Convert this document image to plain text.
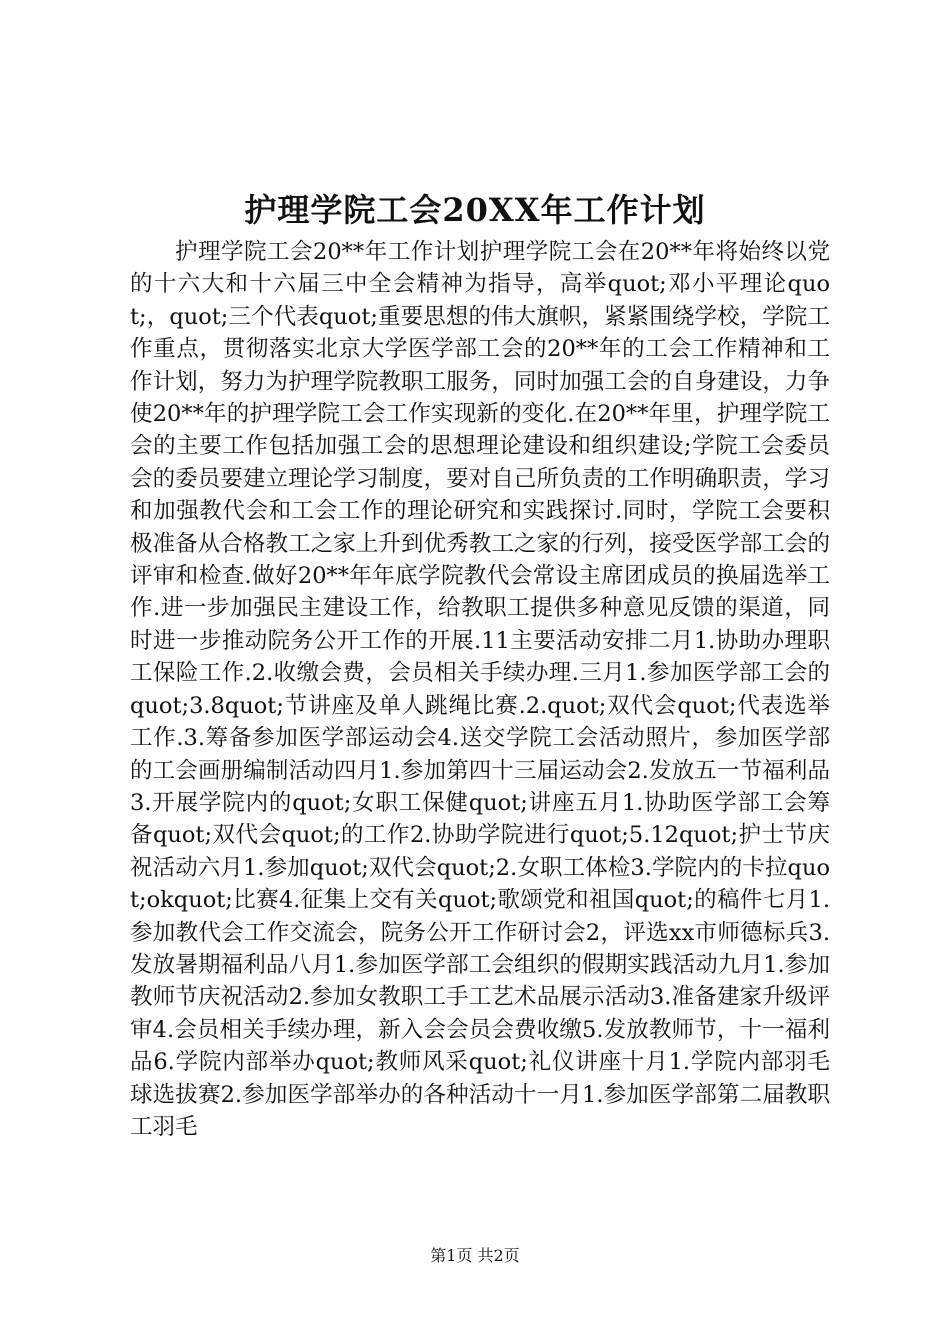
护理学院工会20XX年工作计划

护理学院工会20**年工作计划护理学院工会在20**年将始终以党的十六大和十六届三中全会精神为指导，高举quot;邓小平理论quot;，quot;三个代表quot;重要思想的伟大旗帜，紧紧围绕学校，学院工作重点，贯彻落实北京大学医学部工会的20**年的工会工作精神和工作计划，努力为护理学院教职工服务，同时加强工会的自身建设，力争使20**年的护理学院工会工作实现新的变化.在20**年里，护理学院工会的主要工作包括加强工会的思想理论建设和组织建设;学院工会委员会的委员要建立理论学习制度，要对自己所负责的工作明确职责，学习和加强教代会和工会工作的理论研究和实践探讨.同时，学院工会要积极准备从合格教工之家上升到优秀教工之家的行列，接受医学部工会的评审和检查.做好20**年年底学院教代会常设主席团成员的换届选举工作.进一步加强民主建设工作，给教职工提供多种意见反馈的渠道，同时进一步推动院务公开工作的开展.11主要活动安排二月1.协助办理职工保险工作.2.收缴会费，会员相关手续办理.三月1.参加医学部工会的quot;3.8quot;节讲座及单人跳绳比赛.2.quot;双代会quot;代表选举工作.3.筹备参加医学部运动会4.送交学院工会活动照片，参加医学部的工会画册编制活动四月1.参加第四十三届运动会2.发放五一节福利品3.开展学院内的quot;女职工保健quot;讲座五月1.协助医学部工会筹备quot;双代会quot;的工作2.协助学院进行quot;5.12quot;护士节庆祝活动六月1.参加quot;双代会quot;2.女职工体检3.学院内的卡拉quot;okquot;比赛4.征集上交有关quot;歌颂党和祖国quot;的稿件七月1.参加教代会工作交流会，院务公开工作研讨会2，评选xx市师德标兵3.发放暑期福利品八月1.参加医学部工会组织的假期实践活动九月1.参加教师节庆祝活动2.参加女教职工手工艺术品展示活动3.准备建家升级评审4.会员相关手续办理，新入会会员会费收缴5.发放教师节，十一福利品6.学院内部举办quot;教师风采quot;礼仪讲座十月1.学院内部羽毛球选拔赛2.参加医学部举办的各种活动十一月1.参加医学部第二届教职工羽毛

第1页 共2页
